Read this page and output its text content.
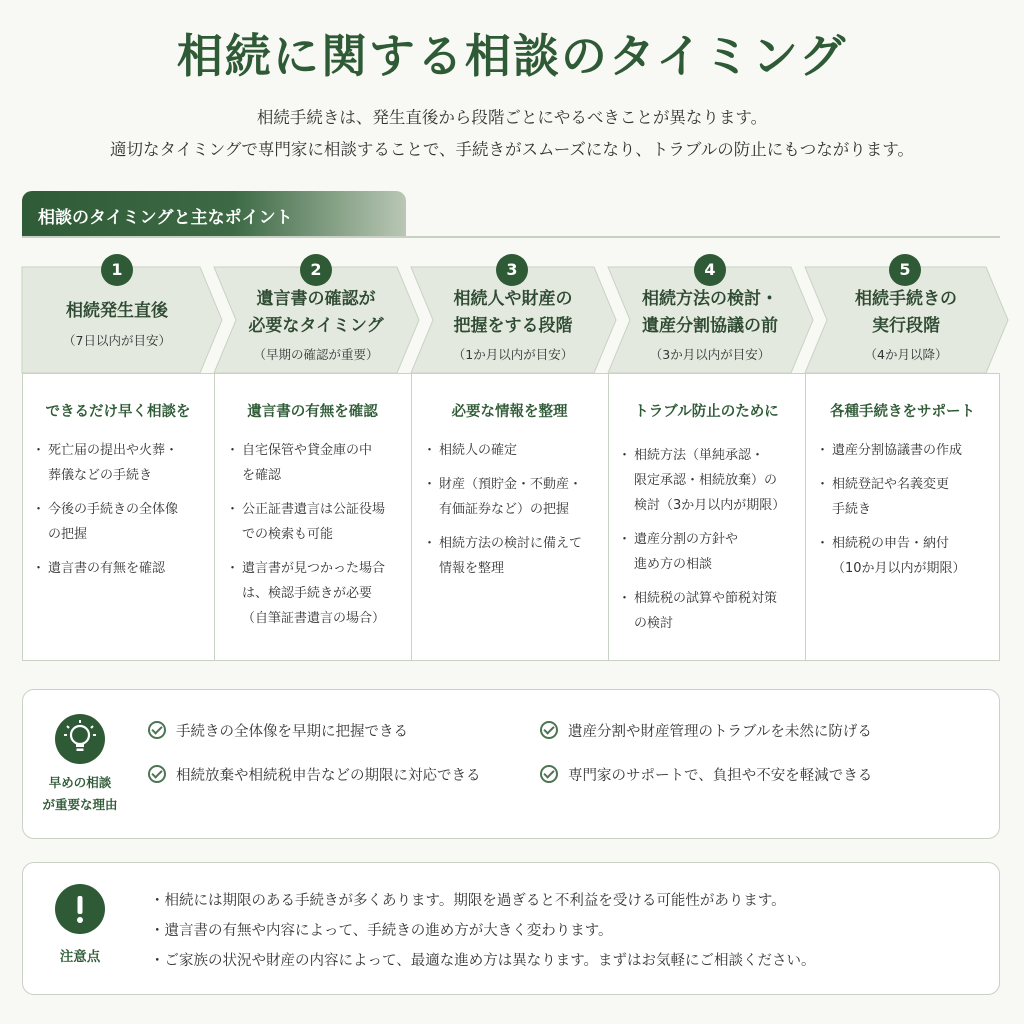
相続に関する相談のタイミング
相続手続きは、発生直後から段階ごとにやるべきことが異なります。
適切なタイミングで専門家に相談することで、手続きがスムーズになり、トラブルの防止にもつながります。
相談のタイミングと主なポイント
1
相続発生直後
（7日以内が目安）
2
遺言書の確認が
必要なタイミング
（早期の確認が重要）
3
相続人や財産の
把握をする段階
（1か月以内が目安）
4
相続方法の検討・
遺産分割協議の前
（3か月以内が目安）
5
相続手続きの
実行段階
（4か月以降）
できるだけ早く相談を
・ 死亡届の提出や火葬・
葬儀などの手続き
・ 今後の手続きの全体像
の把握
・ 遺言書の有無を確認
遺言書の有無を確認
・ 自宅保管や貸金庫の中
を確認
・ 公正証書遺言は公証役場
での検索も可能
・ 遺言書が見つかった場合
は、検認手続きが必要
（自筆証書遺言の場合）
必要な情報を整理
・ 相続人の確定
・ 財産（預貯金・不動産・
有価証券など）の把握
・ 相続方法の検討に備えて
情報を整理
トラブル防止のために
・ 相続方法（単純承認・
限定承認・相続放棄）の
検討（3か月以内が期限）
・ 遺産分割の方針や
進め方の相談
・ 相続税の試算や節税対策
の検討
各種手続きをサポート
・ 遺産分割協議書の作成
・ 相続登記や名義変更
手続き
・ 相続税の申告・納付
（10か月以内が期限）
早めの相談
が重要な理由
手続きの全体像を早期に把握できる	遺産分割や財産管理のトラブルを未然に防げる
相続放棄や相続税申告などの期限に対応できる	専門家のサポートで、負担や不安を軽減できる
注意点
・相続には期限のある手続きが多くあります。期限を過ぎると不利益を受ける可能性があります。
・遺言書の有無や内容によって、手続きの進め方が大きく変わります。
・ご家族の状況や財産の内容によって、最適な進め方は異なります。まずはお気軽にご相談ください。
